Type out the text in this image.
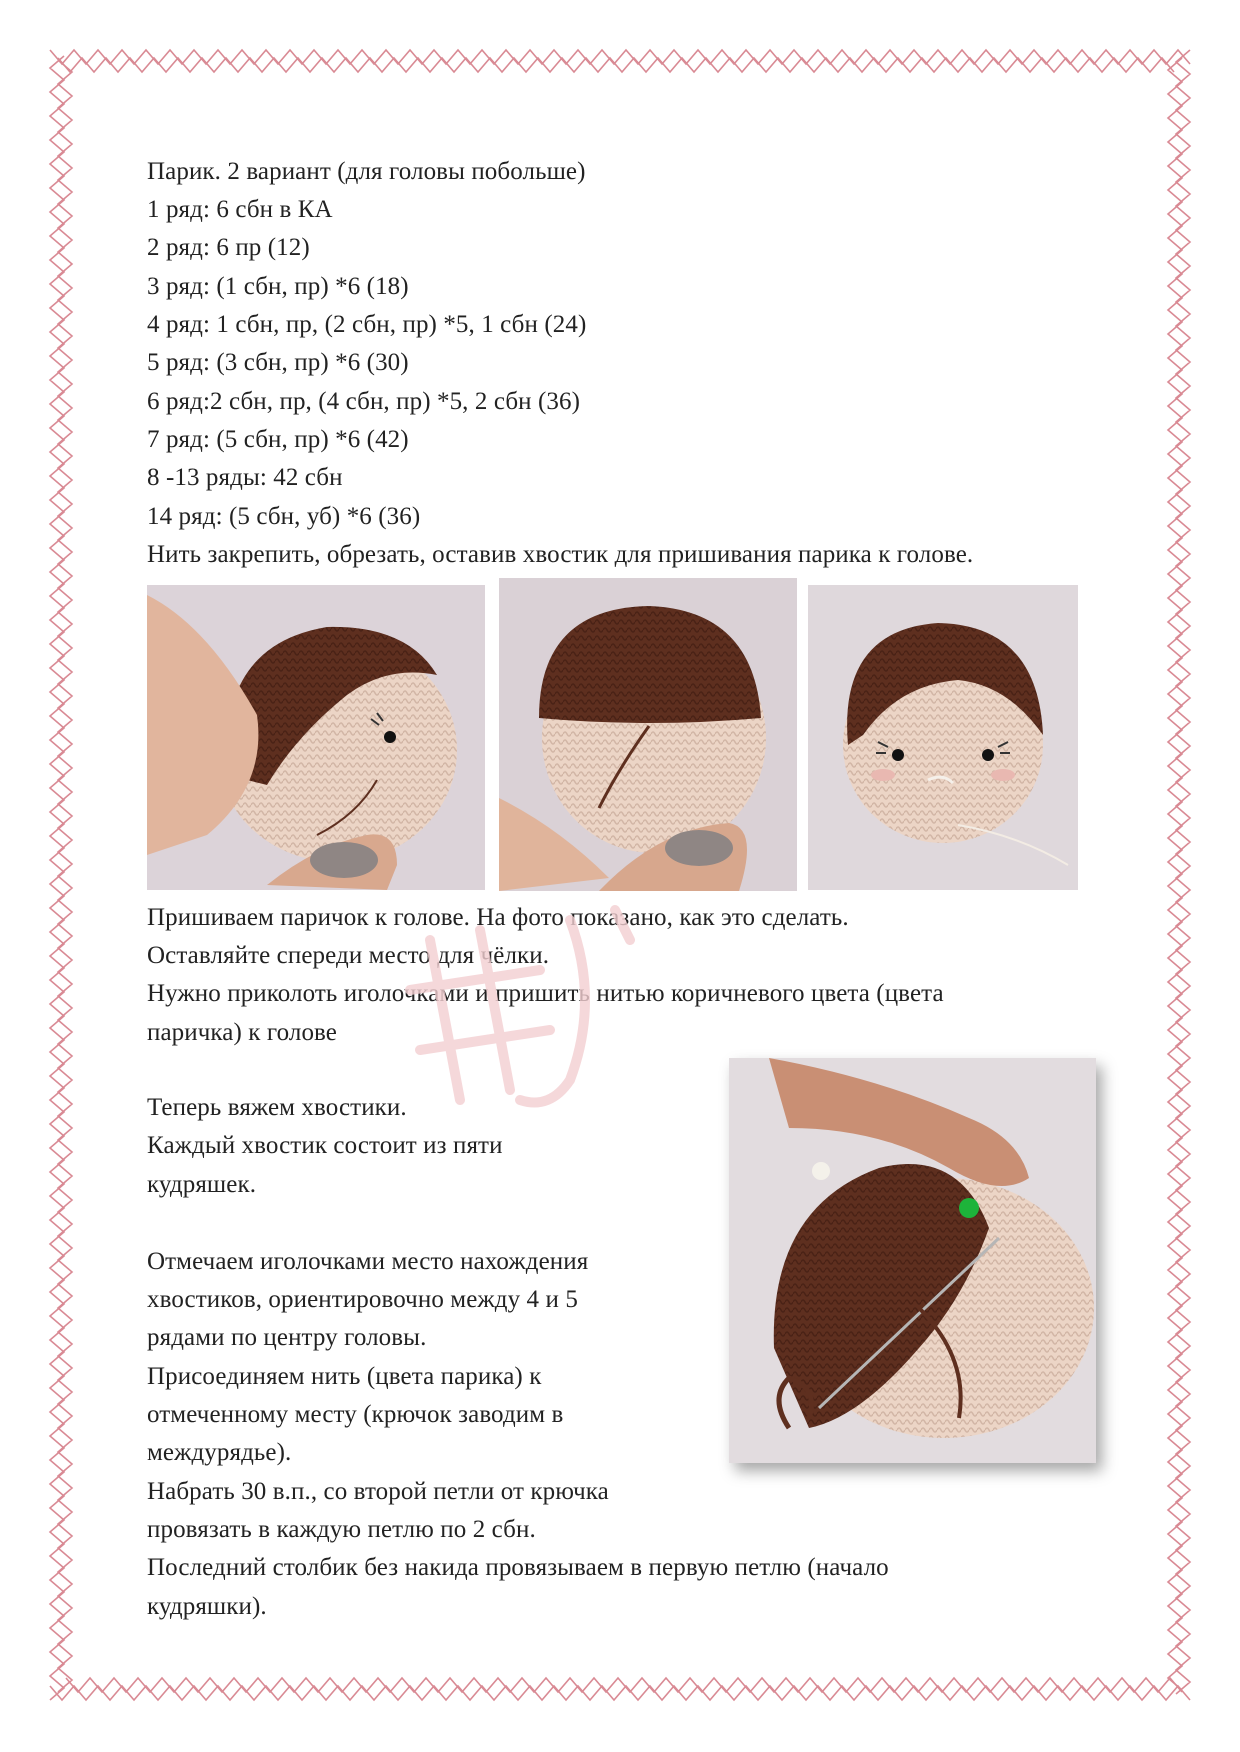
Парик. 2 вариант (для головы побольше)
1 ряд: 6 сбн в КА
2 ряд: 6 пр (12)
3 ряд: (1 сбн, пр) *6 (18)
4 ряд: 1 сбн, пр, (2 сбн, пр) *5, 1 сбн (24)
5 ряд: (3 сбн, пр) *6 (30)
6 ряд:2 сбн, пр, (4 сбн, пр) *5, 2 сбн (36)
7 ряд: (5 сбн, пр) *6 (42)
8 -13 ряды: 42 сбн
14 ряд: (5 сбн, уб) *6 (36)
Нить закрепить, обрезать, оставив хвостик для пришивания парика к голове.
Пришиваем паричок к голове. На фото показано, как это сделать.
Оставляйте спереди место для чёлки.
Нужно приколоть иголочками и пришить нитью коричневого цвета (цвета
паричка) к голове
Теперь вяжем хвостики.
Каждый хвостик состоит из пяти
кудряшек.
Отмечаем иголочками место нахождения
хвостиков, ориентировочно между 4 и 5
рядами по центру головы.
Присоединяем нить (цвета парика) к
отмеченному месту (крючок заводим в
междурядье).
Набрать 30 в.п., со второй петли от крючка
провязать в каждую петлю по 2 сбн.
Последний столбик без накида провязываем в первую петлю (начало
кудряшки).
